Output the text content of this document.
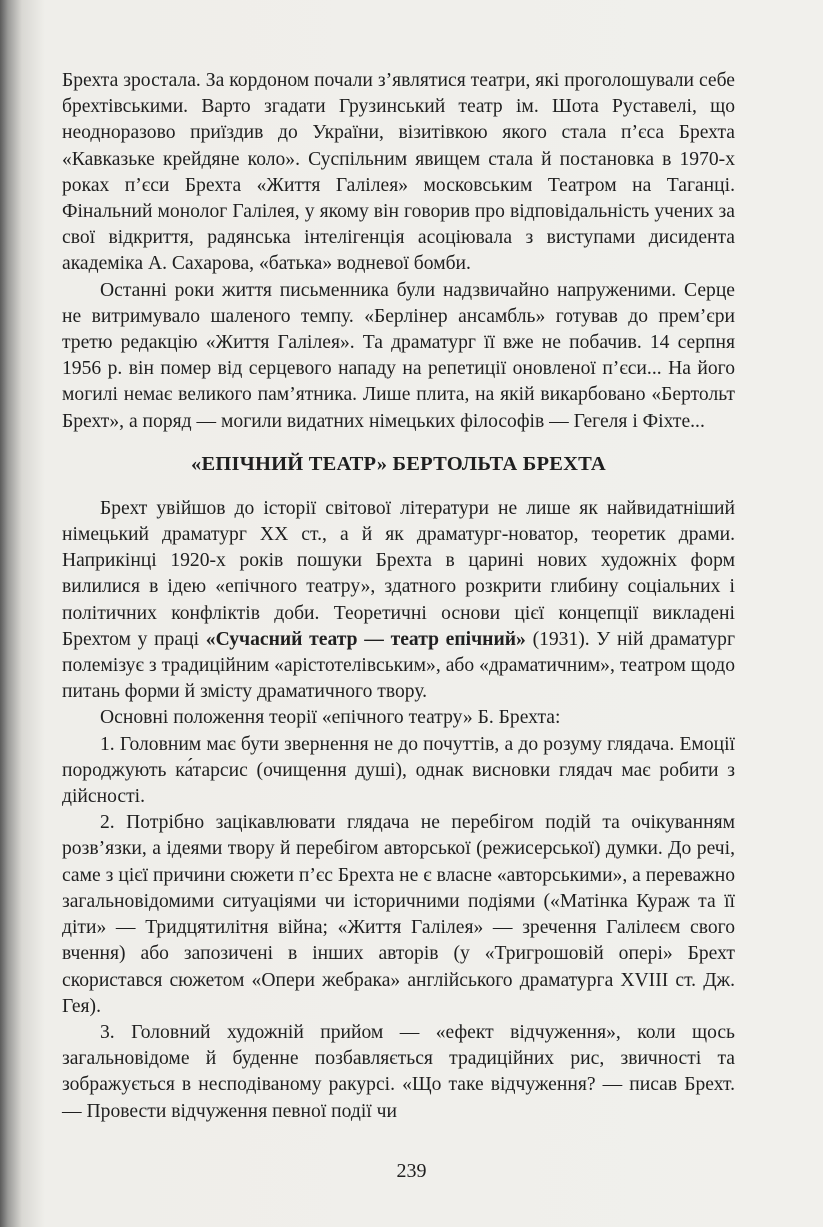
Брехта зростала. За кордоном почали з’являтися театри, які проголошували себе брехтівськими. Варто згадати Грузинський театр ім. Шота Руставелі, що неодноразово приїздив до України, візитівкою якого стала п’єса Брехта «Кавказьке крейдяне коло». Суспільним явищем стала й постановка в 1970-х роках п’єси Брехта «Життя Галілея» московським Театром на Таганці. Фінальний монолог Галілея, у якому він говорив про відповідальність учених за свої відкриття, радянська інтелігенція асоціювала з виступами дисидента академіка А. Сахарова, «батька» водневої бомби.

Останні роки життя письменника були надзвичайно напруженими. Серце не витримувало шаленого темпу. «Берлінер ансамбль» готував до прем’єри третю редакцію «Життя Галілея». Та драматург її вже не побачив. 14 серпня 1956 р. він помер від серцевого нападу на репетиції оновленої п’єси... На його могилі немає великого пам’ятника. Лише плита, на якій викарбовано «Бертольт Брехт», а поряд — могили видатних німецьких філософів — Гегеля і Фіхте...

«ЕПІЧНИЙ ТЕАТР» БЕРТОЛЬТА БРЕХТА

Брехт увійшов до історії світової літератури не лише як найвидатніший німецький драматург XX ст., а й як драматург-новатор, теоретик драми. Наприкінці 1920-х років пошуки Брехта в царині нових художніх форм вилилися в ідею «епічного театру», здатного розкрити глибину соціальних і політичних конфліктів доби. Теоретичні основи цієї концепції викладені Брехтом у праці «Сучасний театр — театр епічний» (1931). У ній драматург полемізує з традиційним «арістотелівським», або «драматичним», театром щодо питань форми й змісту драматичного твору.

Основні положення теорії «епічного театру» Б. Брехта:

1. Головним має бути звернення не до почуттів, а до розуму глядача. Емоції породжують ка́тарсис (очищення душі), однак висновки глядач має робити з дійсності.

2. Потрібно зацікавлювати глядача не перебігом подій та очікуванням розв’язки, а ідеями твору й перебігом авторської (режисерської) думки. До речі, саме з цієї причини сюжети п’єс Брехта не є власне «авторськими», а переважно загальновідомими ситуаціями чи історичними подіями («Матінка Кураж та її діти» — Тридцятилітня війна; «Життя Галілея» — зречення Галілеєм свого вчення) або запозичені в інших авторів (у «Тригрошовій опері» Брехт скористався сюжетом «Опери жебрака» англійського драматурга XVIII ст. Дж. Гея).

3. Головний художній прийом — «ефект відчуження», коли щось загальновідоме й буденне позбавляється традиційних рис, звичності та зображується в несподіваному ракурсі. «Що таке відчуження? — писав Брехт. — Провести відчуження певної події чи

239
